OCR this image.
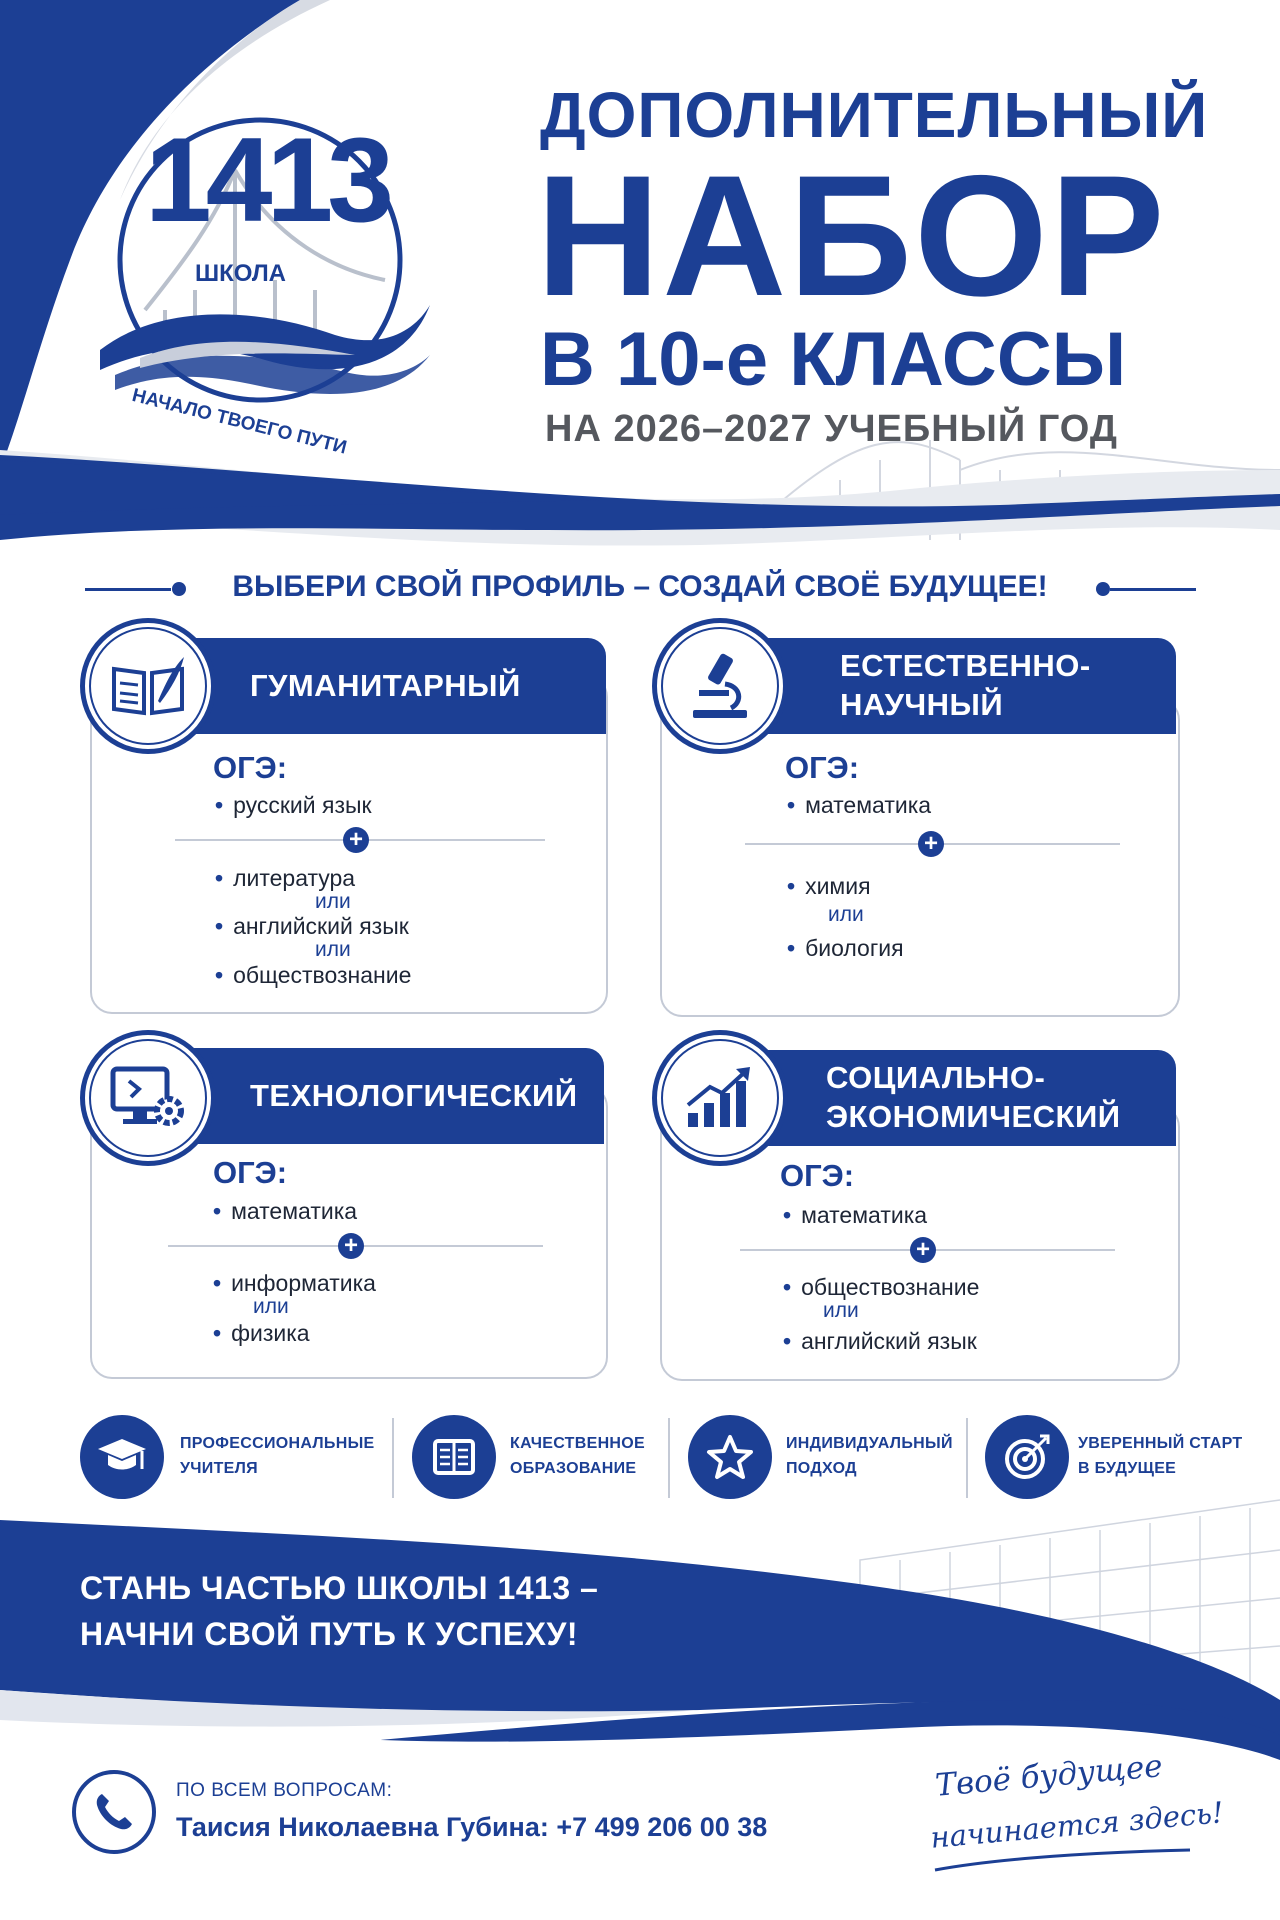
1413
ШКОЛА
НАЧАЛО ТВОЕГО ПУТИ
ДОПОЛНИТЕЛЬНЫЙ
НАБОР
В 10-е КЛАССЫ
НА 2026–2027 УЧЕБНЫЙ ГОД
ВЫБЕРИ СВОЙ ПРОФИЛЬ – СОЗДАЙ СВОЁ БУДУЩЕЕ!
ГУМАНИТАРНЫЙ
ОГЭ:
• русский язык
+
• литература
или
• английский язык
или
• обществознание
ЕСТЕСТВЕННО-
НАУЧНЫЙ
ОГЭ:
• математика
+
• химия
или
• биология
ТЕХНОЛОГИЧЕСКИЙ
ОГЭ:
• математика
+
• информатика
или
• физика
СОЦИАЛЬНО-
ЭКОНОМИЧЕСКИЙ
ОГЭ:
• математика
+
• обществознание
или
• английский язык
ПРОФЕССИОНАЛЬНЫЕ
УЧИТЕЛЯ
КАЧЕСТВЕННОЕ
ОБРАЗОВАНИЕ
ИНДИВИДУАЛЬНЫЙ
ПОДХОД
УВЕРЕННЫЙ СТАРТ
В БУДУЩЕЕ
СТАНЬ ЧАСТЬЮ ШКОЛЫ 1413 –
НАЧНИ СВОЙ ПУТЬ К УСПЕХУ!
ПО ВСЕМ ВОПРОСАМ:
Таисия Николаевна Губина: +7 499 206 00 38
Твоё будущее
начинается здесь!
